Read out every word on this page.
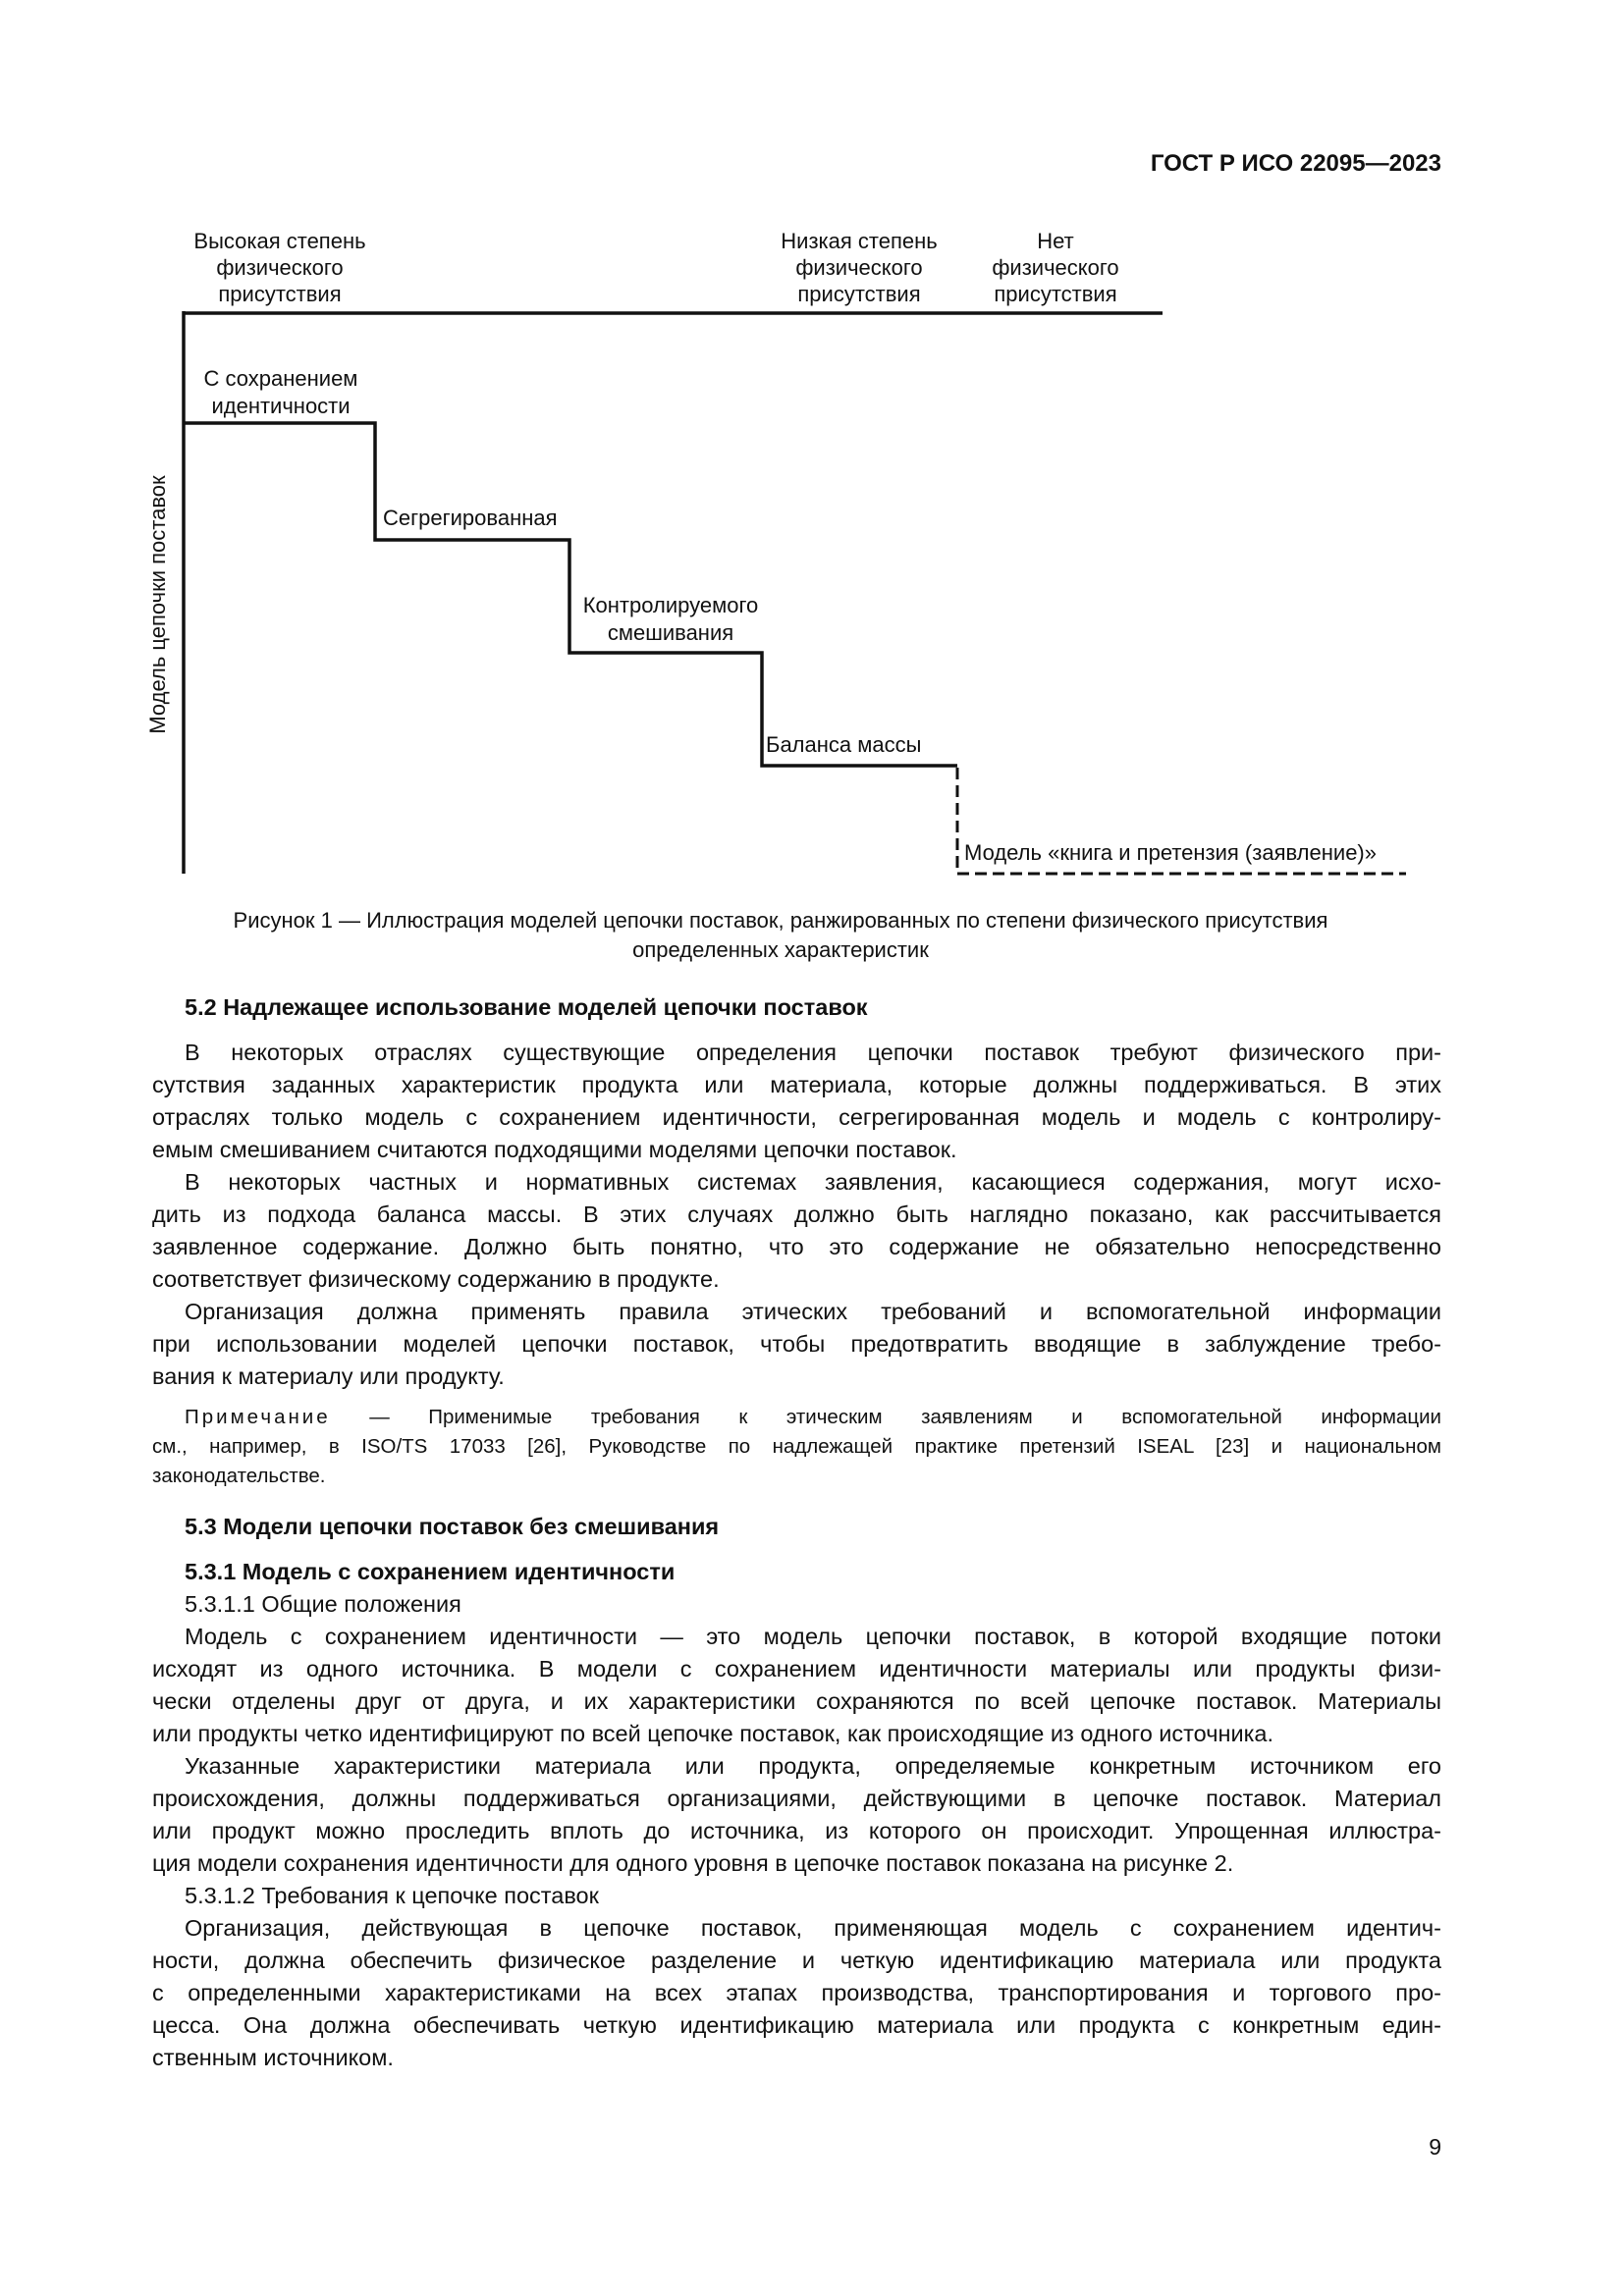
ГОСТ Р ИСО 22095—2023
Высокая степень
физического
присутствия
Низкая степень
физического
присутствия
Нет
физического
присутствия
Модель цепочки поставок
С сохранением
идентичности
Сегрегированная
Контролируемого
смешивания
Баланса массы
Модель «книга и претензия (заявление)»
Рисунок 1 — Иллюстрация моделей цепочки поставок, ранжированных по степени физического присутствия
определенных характеристик
5.2 Надлежащее использование моделей цепочки поставок
В некоторых отраслях существующие определения цепочки поставок требуют физического при-
сутствия заданных характеристик продукта или материала, которые должны поддерживаться. В этих
отраслях только модель с сохранением идентичности, сегрегированная модель и модель с контролиру-
емым смешиванием считаются подходящими моделями цепочки поставок.
В некоторых частных и нормативных системах заявления, касающиеся содержания, могут исхо-
дить из подхода баланса массы. В этих случаях должно быть наглядно показано, как рассчитывается
заявленное содержание. Должно быть понятно, что это содержание не обязательно непосредственно
соответствует физическому содержанию в продукте.
Организация должна применять правила этических требований и вспомогательной информации
при использовании моделей цепочки поставок, чтобы предотвратить вводящие в заблуждение требо-
вания к материалу или продукту.
Примечание — Применимые требования к этическим заявлениям и вспомогательной информации
см., например, в ISO/TS 17033 [26], Руководстве по надлежащей практике претензий ISEAL [23] и национальном
законодательстве.
5.3 Модели цепочки поставок без смешивания
5.3.1 Модель с сохранением идентичности
5.3.1.1 Общие положения
Модель с сохранением идентичности — это модель цепочки поставок, в которой входящие потоки
исходят из одного источника. В модели с сохранением идентичности материалы или продукты физи-
чески отделены друг от друга, и их характеристики сохраняются по всей цепочке поставок. Материалы
или продукты четко идентифицируют по всей цепочке поставок, как происходящие из одного источника.
Указанные характеристики материала или продукта, определяемые конкретным источником его
происхождения, должны поддерживаться организациями, действующими в цепочке поставок. Материал
или продукт можно проследить вплоть до источника, из которого он происходит. Упрощенная иллюстра-
ция модели сохранения идентичности для одного уровня в цепочке поставок показана на рисунке 2.
5.3.1.2 Требования к цепочке поставок
Организация, действующая в цепочке поставок, применяющая модель с сохранением идентич-
ности, должна обеспечить физическое разделение и четкую идентификацию материала или продукта
с определенными характеристиками на всех этапах производства, транспортирования и торгового про-
цесса. Она должна обеспечивать четкую идентификацию материала или продукта с конкретным един-
ственным источником.
9
